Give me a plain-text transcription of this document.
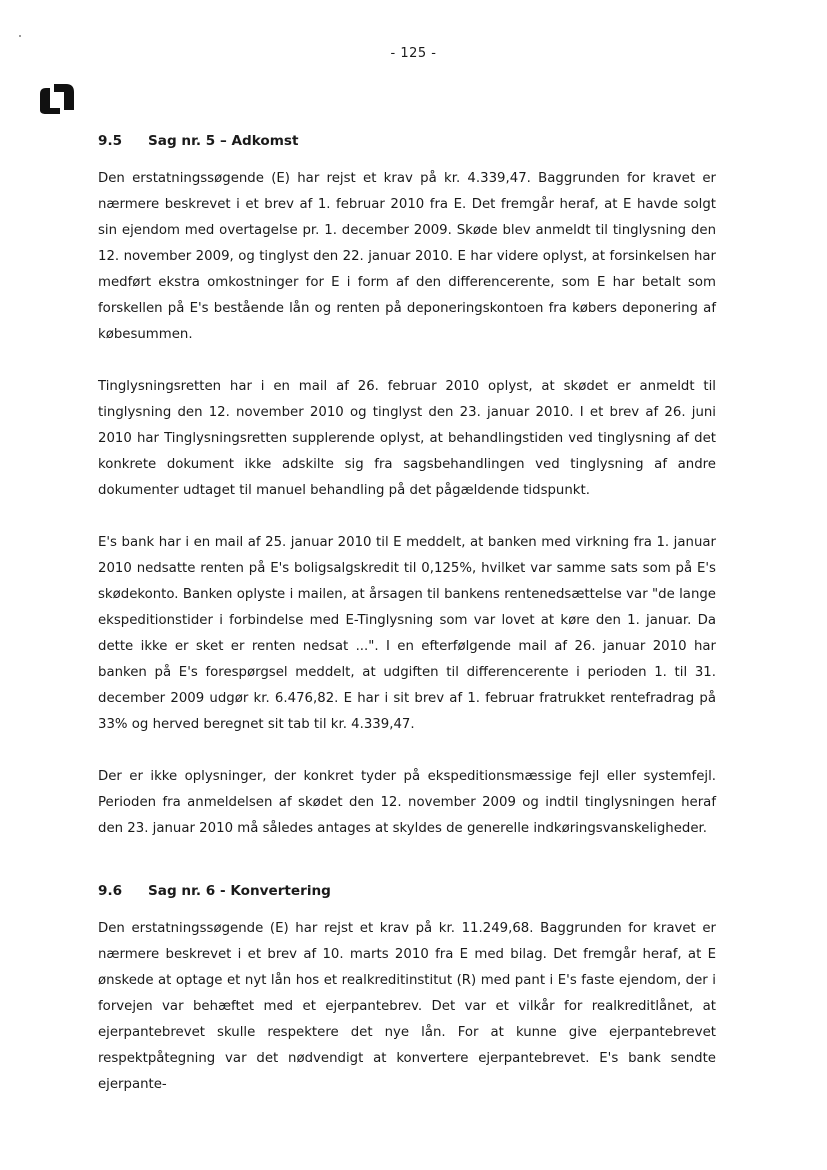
- 125 -
9.5	Sag nr. 5 – Adkomst

Den erstatningssøgende (E) har rejst et krav på kr. 4.339,47. Baggrunden for kravet er nærmere beskrevet i et brev af 1. februar 2010 fra E. Det fremgår heraf, at E havde solgt sin ejendom med overtagelse pr. 1. december 2009. Skøde blev anmeldt til tinglysning den 12. november 2009, og tinglyst den 22. januar 2010. E har videre oplyst, at forsinkelsen har medført ekstra omkostninger for E i form af den differencerente, som E har betalt som forskellen på E's bestående lån og renten på deponeringskontoen fra købers deponering af købesummen.

Tinglysningsretten har i en mail af 26. februar 2010 oplyst, at skødet er anmeldt til tinglysning den 12. november 2010 og tinglyst den 23. januar 2010. I et brev af 26. juni 2010 har Tinglysningsretten supplerende oplyst, at behandlingstiden ved tinglysning af det konkrete dokument ikke adskilte sig fra sagsbehandlingen ved tinglysning af andre dokumenter udtaget til manuel behandling på det pågældende tidspunkt.

E's bank har i en mail af 25. januar 2010 til E meddelt, at banken med virkning fra 1. januar 2010 nedsatte renten på E's boligsalgskredit til 0,125%, hvilket var samme sats som på E's skødekonto. Banken oplyste i mailen, at årsagen til bankens rentenedsættelse var "de lange ekspeditionstider i forbindelse med E-Tinglysning som var lovet at køre den 1. januar. Da dette ikke er sket er renten nedsat ...". I en efterfølgende mail af 26. januar 2010 har banken på E's forespørgsel meddelt, at udgiften til differencerente i perioden 1. til 31. december 2009 udgør kr. 6.476,82. E har i sit brev af 1. februar fratrukket rentefradrag på 33% og herved beregnet sit tab til kr. 4.339,47.

Der er ikke oplysninger, der konkret tyder på ekspeditionsmæssige fejl eller systemfejl. Perioden fra anmeldelsen af skødet den 12. november 2009 og indtil tinglysningen heraf den 23. januar 2010 må således antages at skyldes de generelle indkøringsvanskeligheder.

9.6	Sag nr. 6 - Konvertering

Den erstatningssøgende (E) har rejst et krav på kr. 11.249,68. Baggrunden for kravet er nærmere beskrevet i et brev af 10. marts 2010 fra E med bilag. Det fremgår heraf, at E ønskede at optage et nyt lån hos et realkreditinstitut (R) med pant i E's faste ejendom, der i forvejen var behæftet med et ejerpantebrev. Det var et vilkår for realkreditlånet, at ejerpantebrevet skulle respektere det nye lån. For at kunne give ejerpantebrevet respektpåtegning var det nødvendigt at konvertere ejerpantebrevet. E's bank sendte ejerpante-
